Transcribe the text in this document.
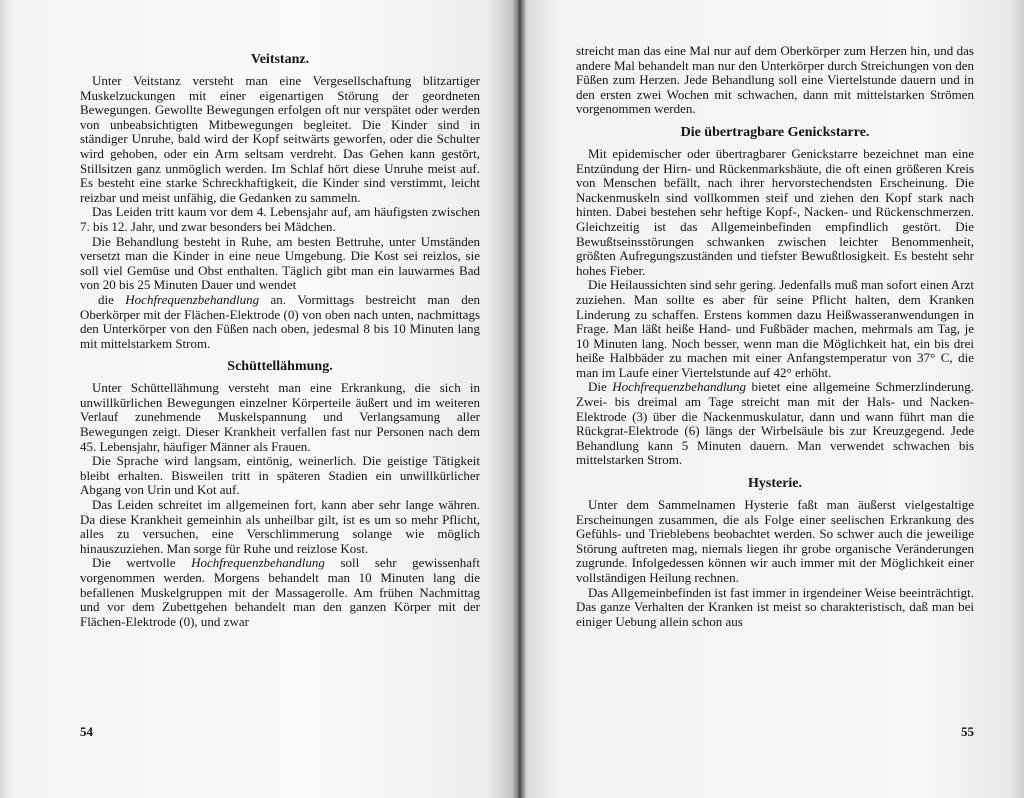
Veitstanz.

Unter Veitstanz versteht man eine Vergesellschaftung blitzartiger Muskelzuckungen mit einer eigenartigen Störung der geordneten Bewegungen. Gewollte Bewegungen erfolgen oft nur verspätet oder werden von unbeabsichtigten Mitbewegungen begleitet. Die Kinder sind in ständiger Unruhe, bald wird der Kopf seitwärts geworfen, oder die Schulter wird gehoben, oder ein Arm seltsam verdreht. Das Gehen kann gestört, Stillsitzen ganz unmöglich werden. Im Schlaf hört diese Unruhe meist auf. Es besteht eine starke Schreckhaftigkeit, die Kinder sind verstimmt, leicht reizbar und meist unfähig, die Gedanken zu sammeln.

Das Leiden tritt kaum vor dem 4. Lebensjahr auf, am häufigsten zwischen 7. bis 12. Jahr, und zwar besonders bei Mädchen.

Die Behandlung besteht in Ruhe, am besten Bettruhe, unter Umständen versetzt man die Kinder in eine neue Umgebung. Die Kost sei reizlos, sie soll viel Gemüse und Obst enthalten. Täglich gibt man ein lauwarmes Bad von 20 bis 25 Minuten Dauer und wendet

die Hochfrequenzbehandlung an. Vormittags bestreicht man den Oberkörper mit der Flächen-Elektrode (0) von oben nach unten, nachmittags den Unterkörper von den Füßen nach oben, jedesmal 8 bis 10 Minuten lang mit mittelstarkem Strom.

Schüttellähmung.

Unter Schüttellähmung versteht man eine Erkrankung, die sich in unwillkürlichen Bewegungen einzelner Körperteile äußert und im weiteren Verlauf zunehmende Muskelspannung und Verlangsamung aller Bewegungen zeigt. Dieser Krankheit verfallen fast nur Personen nach dem 45. Lebensjahr, häufiger Männer als Frauen.

Die Sprache wird langsam, eintönig, weinerlich. Die geistige Tätigkeit bleibt erhalten. Bisweilen tritt in späteren Stadien ein unwillkürlicher Abgang von Urin und Kot auf.

Das Leiden schreitet im allgemeinen fort, kann aber sehr lange währen. Da diese Krankheit gemeinhin als unheilbar gilt, ist es um so mehr Pflicht, alles zu versuchen, eine Verschlimmerung solange wie möglich hinauszuziehen. Man sorge für Ruhe und reizlose Kost.

Die wertvolle Hochfrequenzbehandlung soll sehr gewissenhaft vorgenommen werden. Morgens behandelt man 10 Minuten lang die befallenen Muskelgruppen mit der Massagerolle. Am frühen Nachmittag und vor dem Zubettgehen behandelt man den ganzen Körper mit der Flächen-Elektrode (0), und zwar

54

streicht man das eine Mal nur auf dem Oberkörper zum Herzen hin, und das andere Mal behandelt man nur den Unterkörper durch Streichungen von den Füßen zum Herzen. Jede Behandlung soll eine Viertelstunde dauern und in den ersten zwei Wochen mit schwachen, dann mit mittelstarken Strömen vorgenommen werden.

Die übertragbare Genickstarre.

Mit epidemischer oder übertragbarer Genickstarre bezeichnet man eine Entzündung der Hirn- und Rückenmarkshäute, die oft einen größeren Kreis von Menschen befällt, nach ihrer hervorstechendsten Erscheinung. Die Nackenmuskeln sind vollkommen steif und ziehen den Kopf stark nach hinten. Dabei bestehen sehr heftige Kopf-, Nacken- und Rückenschmerzen. Gleichzeitig ist das Allgemeinbefinden empfindlich gestört. Die Bewußtseinsstörungen schwanken zwischen leichter Benommenheit, größten Aufregungszuständen und tiefster Bewußtlosigkeit. Es besteht sehr hohes Fieber.

Die Heilaussichten sind sehr gering. Jedenfalls muß man sofort einen Arzt zuziehen. Man sollte es aber für seine Pflicht halten, dem Kranken Linderung zu schaffen. Erstens kommen dazu Heißwasseranwendungen in Frage. Man läßt heiße Hand- und Fußbäder machen, mehrmals am Tag, je 10 Minuten lang. Noch besser, wenn man die Möglichkeit hat, ein bis drei heiße Halbbäder zu machen mit einer Anfangstemperatur von 37° C, die man im Laufe einer Viertelstunde auf 42° erhöht.

Die Hochfrequenzbehandlung bietet eine allgemeine Schmerzlinderung. Zwei- bis dreimal am Tage streicht man mit der Hals- und Nacken-Elektrode (3) über die Nackenmuskulatur, dann und wann führt man die Rückgrat-Elektrode (6) längs der Wirbelsäule bis zur Kreuzgegend. Jede Behandlung kann 5 Minuten dauern. Man verwendet schwachen bis mittelstarken Strom.

Hysterie.

Unter dem Sammelnamen Hysterie faßt man äußerst vielgestaltige Erscheinungen zusammen, die als Folge einer seelischen Erkrankung des Gefühls- und Trieblebens beobachtet werden. So schwer auch die jeweilige Störung auftreten mag, niemals liegen ihr grobe organische Veränderungen zugrunde. Infolgedessen können wir auch immer mit der Möglichkeit einer vollständigen Heilung rechnen.

Das Allgemeinbefinden ist fast immer in irgendeiner Weise beeinträchtigt. Das ganze Verhalten der Kranken ist meist so charakteristisch, daß man bei einiger Uebung allein schon aus

55
